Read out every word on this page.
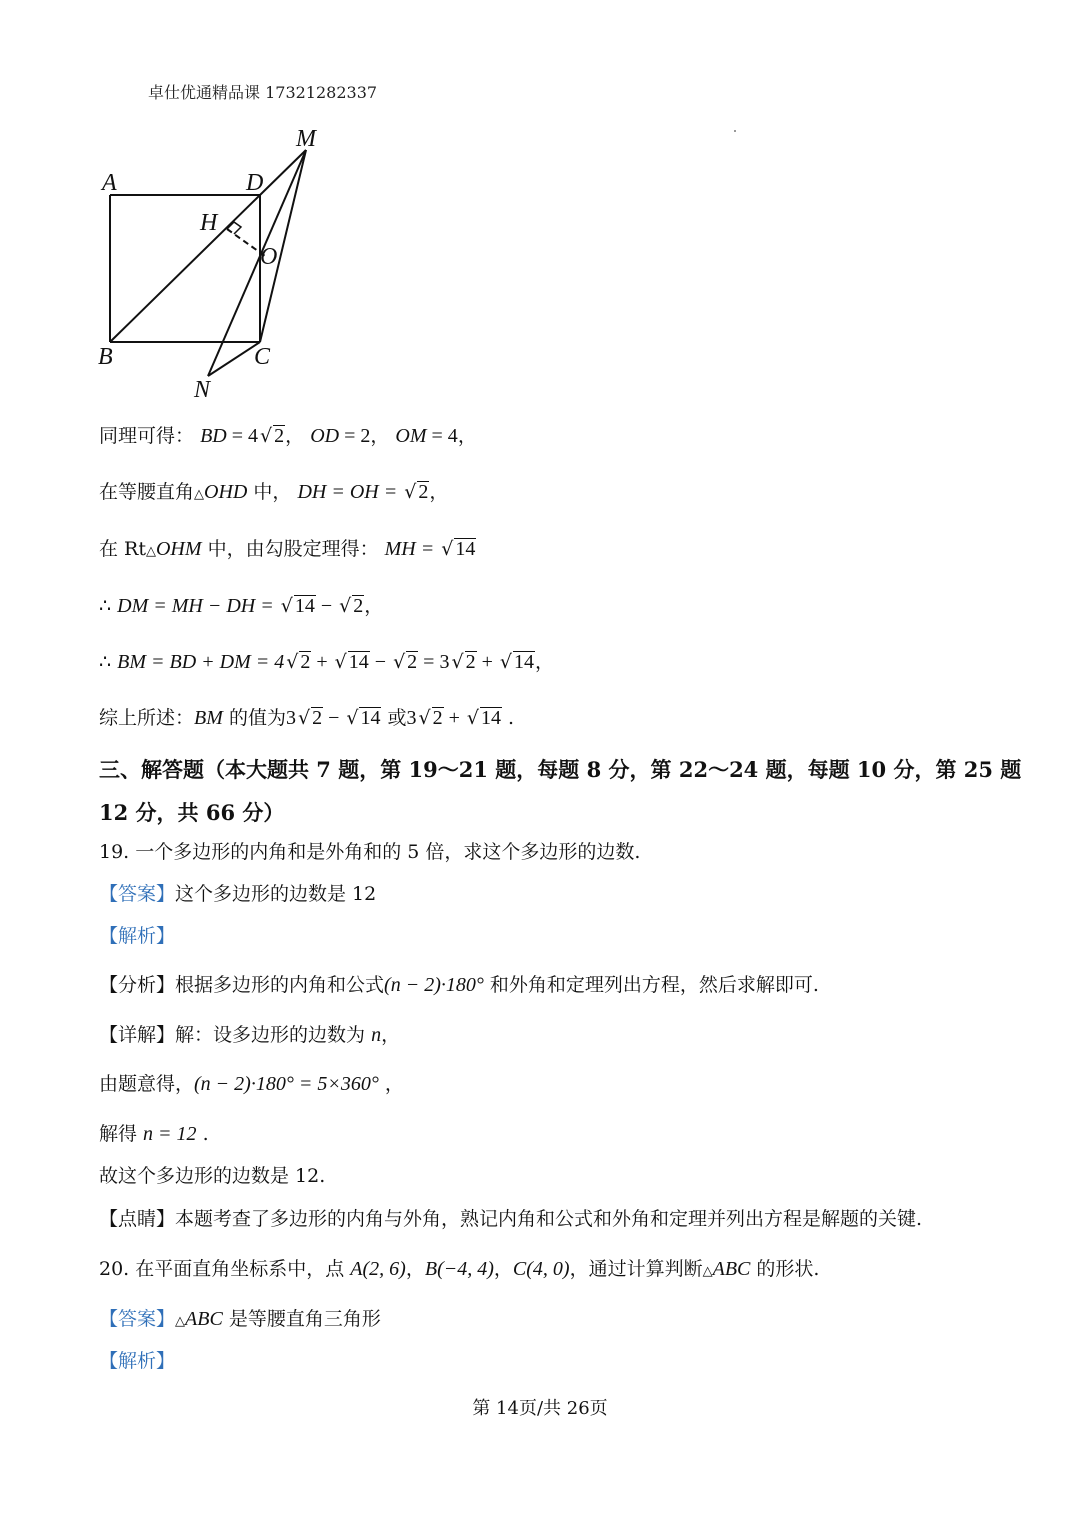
卓仕优通精品课 17321282337
A	D
M
H
O
B	C
N
同理可得： BD = 4 √ 2， OD = 2， OM = 4，
在等腰直角△OHD 中， DH = OH = √ 2，
在 Rt△OHM 中，由勾股定理得： MH = √ 14
∴ DM = MH − DH = √ 14 − √ 2，
∴ BM = BD + DM = 4 √ 2 + √ 14 − √ 2 = 3 √ 2 + √ 14，
综上所述：BM 的值为3 √ 2 − √ 14 或3 √ 2 + √ 14 .
三、解答题（本大题共 7 题，第 19～21 题，每题 8 分，第 22～24 题，每题 10 分，第 25 题
12 分，共 66 分）
19. 一个多边形的内角和是外角和的 5 倍，求这个多边形的边数.
【答案】这个多边形的边数是 12
【解析】
【分析】根据多边形的内角和公式(n − 2)·180° 和外角和定理列出方程，然后求解即可.
【详解】解：设多边形的边数为 n，
由题意得，(n − 2)·180° = 5×360° ，
解得 n = 12 .
故这个多边形的边数是 12.
【点睛】本题考查了多边形的内角与外角，熟记内角和公式和外角和定理并列出方程是解题的关键.
20. 在平面直角坐标系中，点 A(2, 6)，B(−4, 4)，C(4, 0)，通过计算判断△ABC 的形状.
【答案】△ABC 是等腰直角三角形
【解析】
第 14页/共 26页
